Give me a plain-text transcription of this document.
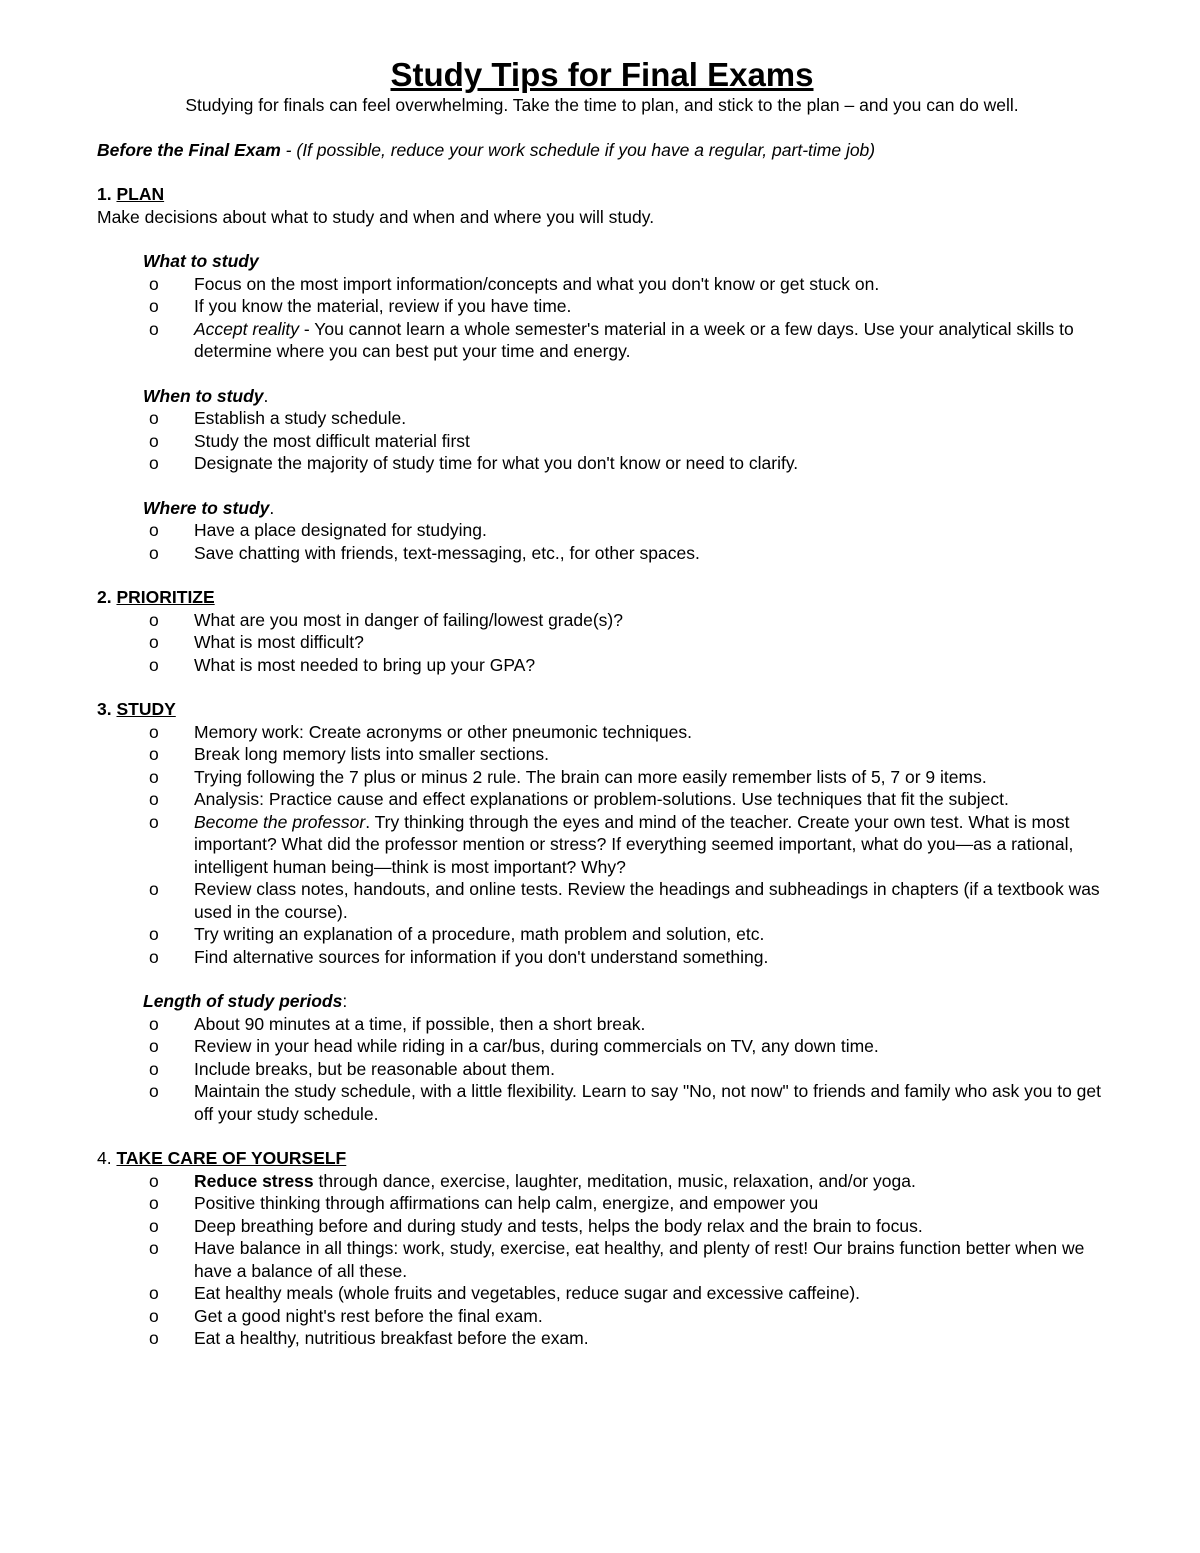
Study Tips for Final Exams

Studying for finals can feel overwhelming. Take the time to plan, and stick to the plan – and you can do well.

Before the Final Exam - (If possible, reduce your work schedule if you have a regular, part-time job)

1. PLAN

Make decisions about what to study and when and where you will study.

What to study

o Focus on the most import information/concepts and what you don't know or get stuck on.
o If you know the material, review if you have time.
o Accept reality - You cannot learn a whole semester's material in a week or a few days. Use your analytical skills to determine where you can best put your time and energy.

When to study.

o Establish a study schedule.
o Study the most difficult material first
o Designate the majority of study time for what you don't know or need to clarify.

Where to study.

o Have a place designated for studying.
o Save chatting with friends, text-messaging, etc., for other spaces.

2. PRIORITIZE

o What are you most in danger of failing/lowest grade(s)?
o What is most difficult?
o What is most needed to bring up your GPA?

3. STUDY

o Memory work: Create acronyms or other pneumonic techniques.
o Break long memory lists into smaller sections.
o Trying following the 7 plus or minus 2 rule. The brain can more easily remember lists of 5, 7 or 9 items.
o Analysis: Practice cause and effect explanations or problem-solutions. Use techniques that fit the subject.
o Become the professor. Try thinking through the eyes and mind of the teacher. Create your own test. What is most important? What did the professor mention or stress? If everything seemed important, what do you—as a rational, intelligent human being—think is most important? Why?
o Review class notes, handouts, and online tests. Review the headings and subheadings in chapters (if a textbook was used in the course).
o Try writing an explanation of a procedure, math problem and solution, etc.
o Find alternative sources for information if you don't understand something.

Length of study periods:

o About 90 minutes at a time, if possible, then a short break.
o Review in your head while riding in a car/bus, during commercials on TV, any down time.
o Include breaks, but be reasonable about them.
o Maintain the study schedule, with a little flexibility. Learn to say "No, not now" to friends and family who ask you to get off your study schedule.

4. TAKE CARE OF YOURSELF

o Reduce stress through dance, exercise, laughter, meditation, music, relaxation, and/or yoga.
o Positive thinking through affirmations can help calm, energize, and empower you
o Deep breathing before and during study and tests, helps the body relax and the brain to focus.
o Have balance in all things: work, study, exercise, eat healthy, and plenty of rest! Our brains function better when we have a balance of all these.
o Eat healthy meals (whole fruits and vegetables, reduce sugar and excessive caffeine).
o Get a good night's rest before the final exam.
o Eat a healthy, nutritious breakfast before the exam.
